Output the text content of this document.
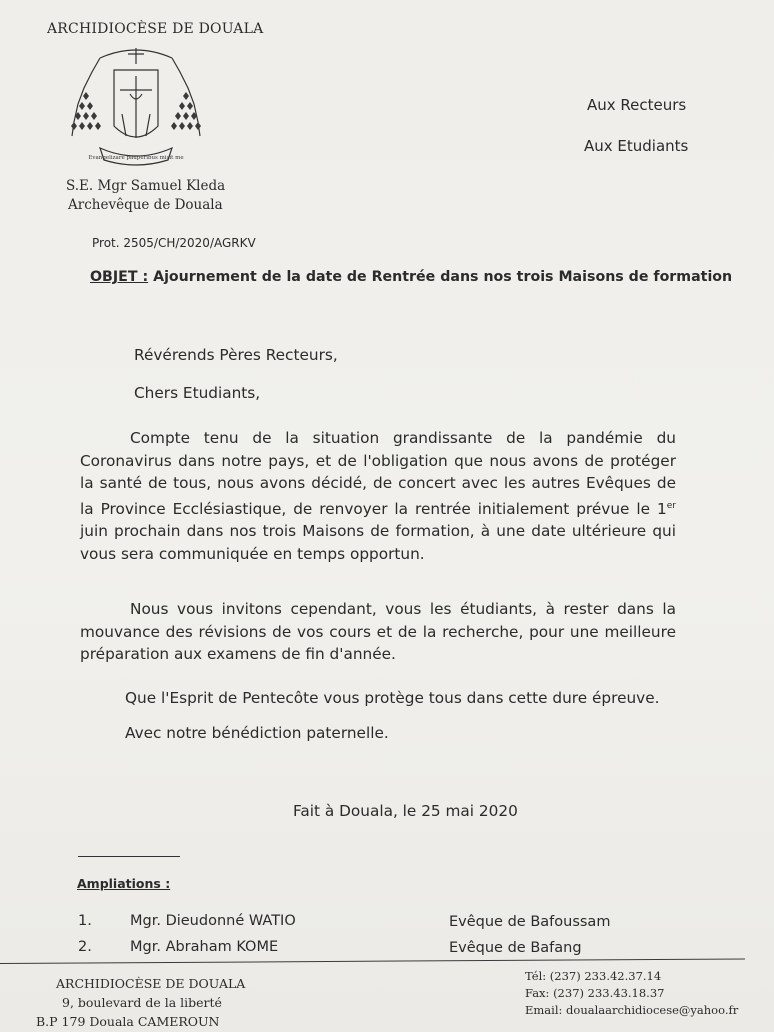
ARCHIDIOCÈSE DE DOUALA
Evangelizare pauperibus misit me
S.E. Mgr Samuel Kleda
Archevêque de Douala
Aux Recteurs
Aux Etudiants
Prot. 2505/CH/2020/AGRKV
OBJET : Ajournement de la date de Rentrée dans nos trois Maisons de formation
Révérends Pères Recteurs,
Chers Etudiants,

Compte tenu de la situation grandissante de la pandémie du Coronavirus dans notre pays, et de l'obligation que nous avons de protéger la santé de tous, nous avons décidé, de concert avec les autres Evêques de la Province Ecclésiastique, de renvoyer la rentrée initialement prévue le 1er juin prochain dans nos trois Maisons de formation, à une date ultérieure qui vous sera communiquée en temps opportun.

Nous vous invitons cependant, vous les étudiants, à rester dans la mouvance des révisions de vos cours et de la recherche, pour une meilleure préparation aux examens de fin d'année.

Que l'Esprit de Pentecôte vous protège tous dans cette dure épreuve.
Avec notre bénédiction paternelle.
Fait à Douala, le 25 mai 2020
Ampliations :
1.	Mgr. Dieudonné WATIO	Evêque de Bafoussam
2.	Mgr. Abraham KOME	Evêque de Bafang
ARCHIDIOCÈSE DE DOUALA
9, boulevard de la liberté
B.P 179 Douala CAMEROUN
Tél: (237) 233.42.37.14
Fax: (237) 233.43.18.37
Email: doualaarchidiocese@yahoo.fr
